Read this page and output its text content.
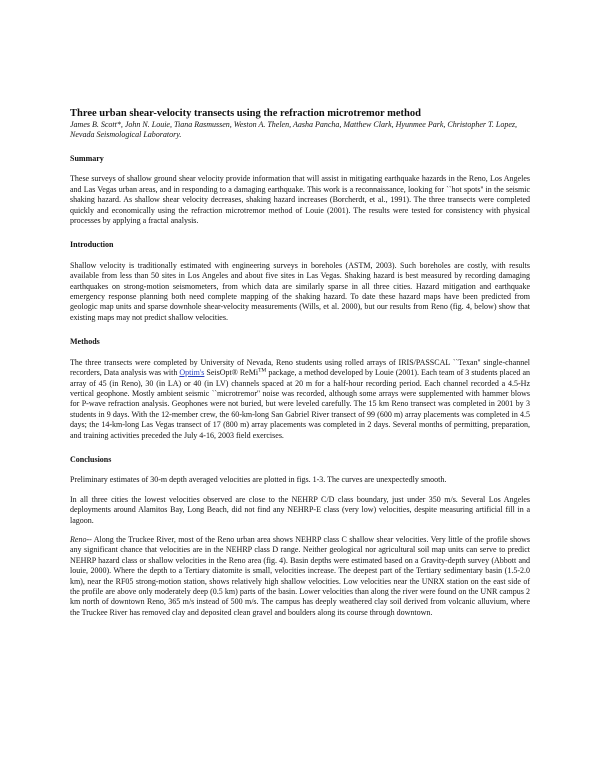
Three urban shear-velocity transects using the refraction microtremor method

James B. Scott*, John N. Louie, Tiana Rasmussen, Weston A. Thelen, Aasha Pancha, Matthew Clark, Hyunmee Park, Christopher T. Lopez, Nevada Seismological Laboratory.

Summary

These surveys of shallow ground shear velocity provide information that will assist in mitigating earthquake hazards in the Reno, Los Angeles and Las Vegas urban areas, and in responding to a damaging earthquake. This work is a reconnaissance, looking for ``hot spots'' in the seismic shaking hazard. As shallow shear velocity decreases, shaking hazard increases (Borcherdt, et al., 1991). The three transects were completed quickly and economically using the refraction microtremor method of Louie (2001). The results were tested for consistency with physical processes by applying a fractal analysis.

Introduction

Shallow velocity is traditionally estimated with engineering surveys in boreholes (ASTM, 2003). Such boreholes are costly, with results available from less than 50 sites in Los Angeles and about five sites in Las Vegas. Shaking hazard is best measured by recording damaging earthquakes on strong-motion seismometers, from which data are similarly sparse in all three cities. Hazard mitigation and earthquake emergency response planning both need complete mapping of the shaking hazard. To date these hazard maps have been predicted from geologic map units and sparse downhole shear-velocity measurements (Wills, et al. 2000), but our results from Reno (fig. 4, below) show that existing maps may not predict shallow velocities.

Methods

The three transects were completed by University of Nevada, Reno students using rolled arrays of IRIS/PASSCAL ``Texan'' single-channel recorders, Data analysis was with Optim's SeisOpt® ReMi™ package, a method developed by Louie (2001). Each team of 3 students placed an array of 45 (in Reno), 30 (in LA) or 40 (in LV) channels spaced at 20 m for a half-hour recording period. Each channel recorded a 4.5-Hz vertical geophone. Mostly ambient seismic ``microtremor'' noise was recorded, although some arrays were supplemented with hammer blows for P-wave refraction analysis. Geophones were not buried, but were leveled carefully. The 15 km Reno transect was completed in 2001 by 3 students in 9 days. With the 12-member crew, the 60-km-long San Gabriel River transect of 99 (600 m) array placements was completed in 4.5 days; the 14-km-long Las Vegas transect of 17 (800 m) array placements was completed in 2 days. Several months of permitting, preparation, and training activities preceded the July 4-16, 2003 field exercises.

Conclusions

Preliminary estimates of 30-m depth averaged velocities are plotted in figs. 1-3. The curves are unexpectedly smooth.

In all three cities the lowest velocities observed are close to the NEHRP C/D class boundary, just under 350 m/s. Several Los Angeles deployments around Alamitos Bay, Long Beach, did not find any NEHRP-E class (very low) velocities, despite measuring artificial fill in a lagoon.

Reno-- Along the Truckee River, most of the Reno urban area shows NEHRP class C shallow shear velocities. Very little of the profile shows any significant chance that velocities are in the NEHRP class D range. Neither geological nor agricultural soil map units can serve to predict NEHRP hazard class or shallow velocities in the Reno area (fig. 4). Basin depths were estimated based on a Gravity-depth survey (Abbott and louie, 2000). Where the depth to a Tertiary diatomite is small, velocities increase. The deepest part of the Tertiary sedimentary basin (1.5-2.0 km), near the RF05 strong-motion station, shows relatively high shallow velocities. Low velocities near the UNRX station on the east side of the profile are above only moderately deep (0.5 km) parts of the basin. Lower velocities than along the river were found on the UNR campus 2 km north of downtown Reno, 365 m/s instead of 500 m/s. The campus has deeply weathered clay soil derived from volcanic alluvium, where the Truckee River has removed clay and deposited clean gravel and boulders along its course through downtown.
